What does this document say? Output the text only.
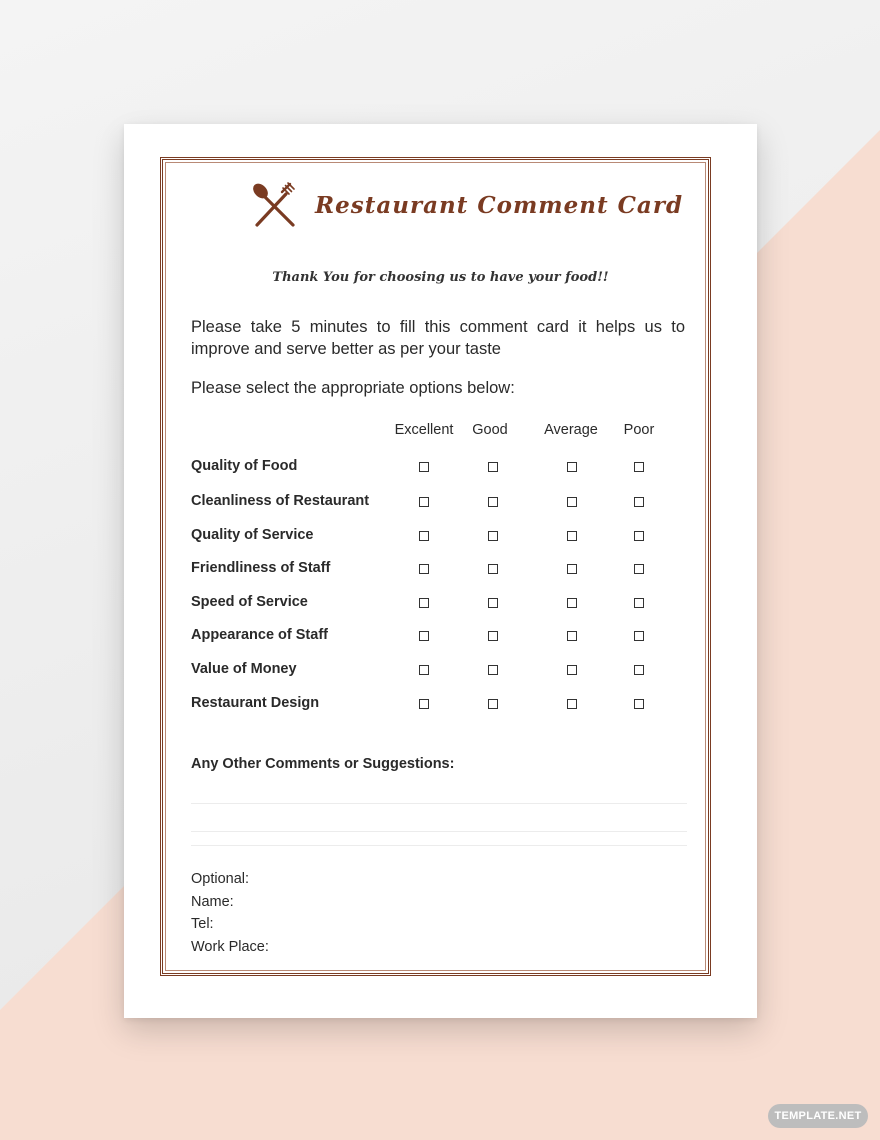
Restaurant Comment Card
Thank You for choosing us to have your food!!
Please take 5 minutes to fill this comment card it helps us to improve and serve better as per your taste
Please select the appropriate options below:
Excellent Good	Average Poor
Quality of Food
Cleanliness of Restaurant
Quality of Service
Friendliness of Staff
Speed of Service
Appearance of Staff
Value of Money
Restaurant Design
Any Other Comments or Suggestions:
Optional:
Name:
Tel:
Work Place:
TEMPLATE.NET
